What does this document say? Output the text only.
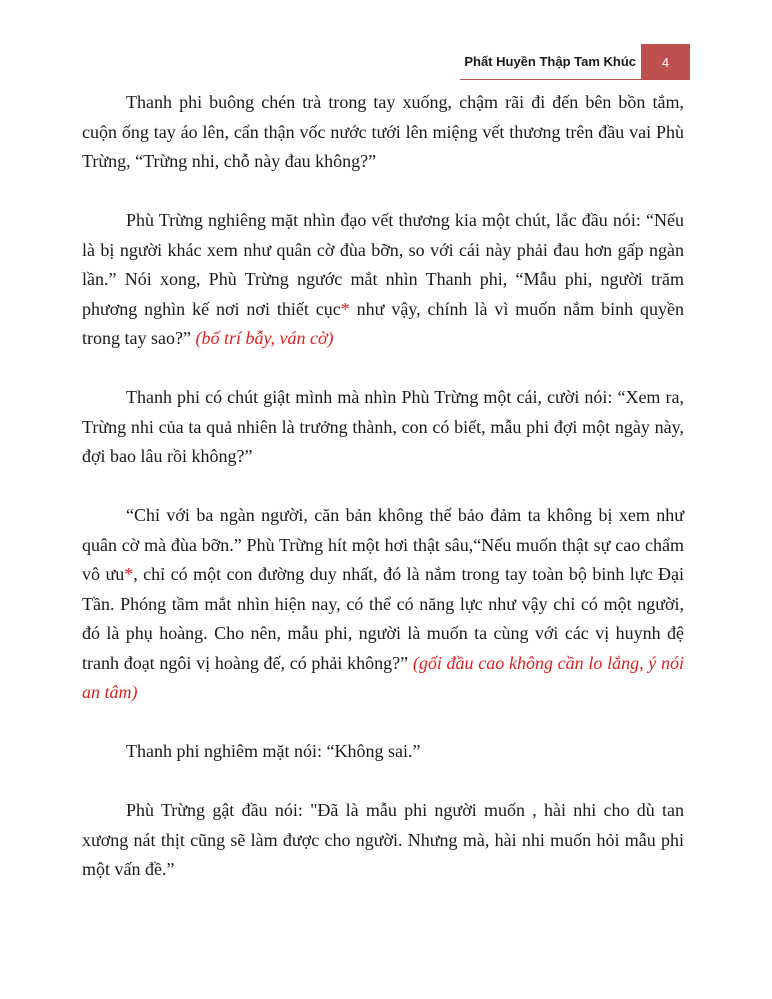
Phất Huyền Thập Tam Khúc	4

Thanh phi buông chén trà trong tay xuống, chậm rãi đi đến bên bồn tắm, cuộn ống tay áo lên, cẩn thận vốc nước tưới lên miệng vết thương trên đầu vai Phù Trừng, “Trừng nhi, chỗ này đau không?”

Phù Trừng nghiêng mặt nhìn đạo vết thương kia một chút, lắc đầu nói: “Nếu là bị người khác xem như quân cờ đùa bỡn, so với cái này phải đau hơn gấp ngàn lần.” Nói xong, Phù Trừng ngước mắt nhìn Thanh phi, “Mẫu phi, người trăm phương nghìn kế nơi nơi thiết cục* như vậy, chính là vì muốn nắm binh quyền trong tay sao?” (bố trí bẫy, ván cờ)

Thanh phi có chút giật mình mà nhìn Phù Trừng một cái, cười nói: “Xem ra, Trừng nhi của ta quả nhiên là trưởng thành, con có biết, mẫu phi đợi một ngày này, đợi bao lâu rồi không?”

“Chỉ với ba ngàn người, căn bản không thể bảo đảm ta không bị xem như quân cờ mà đùa bỡn.” Phù Trừng hít một hơi thật sâu,“Nếu muốn thật sự cao chẩm vô ưu*, chỉ có một con đường duy nhất, đó là nắm trong tay toàn bộ binh lực Đại Tần. Phóng tầm mắt nhìn hiện nay, có thể có năng lực như vậy chỉ có một người, đó là phụ hoàng. Cho nên, mẫu phi, người là muốn ta cùng với các vị huynh đệ tranh đoạt ngôi vị hoàng đế, có phải không?” (gối đầu cao không cần lo lắng, ý nói an tâm)

Thanh phi nghiêm mặt nói: “Không sai.”

Phù Trừng gật đầu nói: "Đã là mẫu phi người muốn , hài nhi cho dù tan xương nát thịt cũng sẽ làm được cho người. Nhưng mà, hài nhi muốn hỏi mẫu phi một vấn đề.”
